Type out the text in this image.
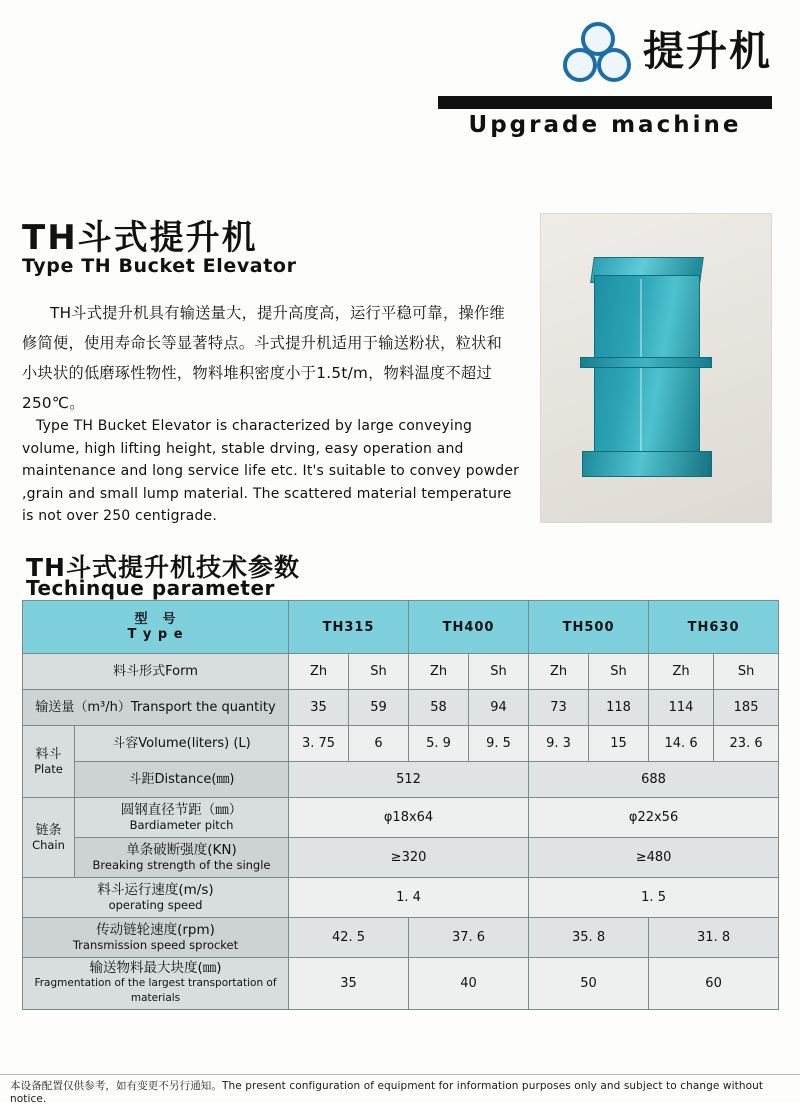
提升机
Upgrade machine
TH斗式提升机
Type TH Bucket Elevator
TH斗式提升机具有输送量大，提升高度高，运行平稳可靠，操作维修简便，使用寿命长等显著特点。斗式提升机适用于输送粉状，粒状和小块状的低磨琢性物性，物料堆积密度小于1.5t/m，物料温度不超过250℃。
Type TH Bucket Elevator is characterized by large conveying volume, high lifting height, stable drving, easy operation and maintenance and long service life etc. It's suitable to convey powder ,grain and small lump material. The scattered material temperature is not over 250 centigrade.
TH斗式提升机技术参数
Techinque parameter
型　号
T y p e		TH315		TH400		TH500		TH630	
料斗形式Form		Zh	Sh	Zh	Sh	Zh	Sh	Zh	Sh
输送量（m³/h）Transport the quantity		35	59	58	94	73	118	114	185

料斗
Plate	斗容Volume(liters) (L)	3. 75	6	5. 9	9. 5	9. 3	15	14. 6	23. 6
	斗距Distance(㎜)	512				688			

链条
Chain

圆钢直径节距（㎜）
Bardiameter pitch	φ18x64	φ22x56

	单条破断强度(KN)
Breaking strength of the single	≥320				≥480			

料斗运行速度(m/s)
operating speed		1. 4				1. 5			

传动链轮速度(rpm)
Transmission speed sprocket		42. 5		37. 6		35. 8		31. 8	

输送物料最大块度(㎜)
Fragmentation of the largest transportation of materials		35		40		50		60	
本设备配置仅供参考，如有变更不另行通知。The present configuration of equipment for information purposes only and subject to change without notice.
